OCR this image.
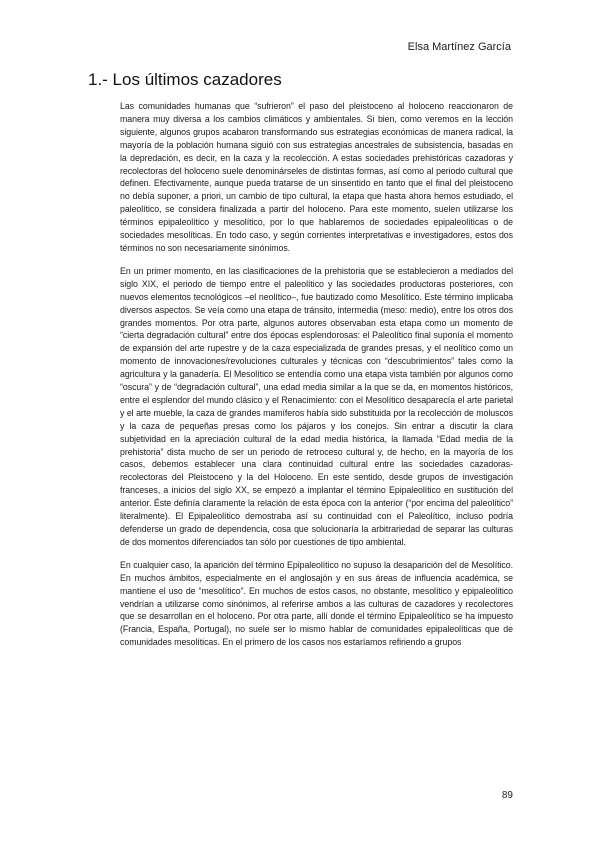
Elsa Martínez García
1.- Los últimos cazadores

Las comunidades humanas que “sufrieron” el paso del pleistoceno al holoceno reaccionaron de manera muy diversa a los cambios climáticos y ambientales. Si bien, como veremos en la lección siguiente, algunos grupos acabaron transformando sus estrategias económicas de manera radical, la mayoría de la población humana siguió con sus estrategias ancestrales de subsistencia, basadas en la depredación, es decir, en la caza y la recolección. A estas sociedades prehistóricas cazadoras y recolectoras del holoceno suele denominárseles de distintas formas, así como al periodo cultural que definen. Efectivamente, aunque pueda tratarse de un sinsentido en tanto que el final del pleistoceno no debía suponer, a priori, un cambio de tipo cultural, la etapa que hasta ahora hemos estudiado, el paleolítico, se considera finalizada a partir del holoceno. Para este momento, suelen utilizarse los términos epipaleolítico y mesolítico, por lo que hablaremos de sociedades epipaleolíticas o de sociedades mesolíticas. En todo caso, y según corrientes interpretativas e investigadores, estos dos términos no son necesariamente sinónimos.

En un primer momento, en las clasificaciones de la prehistoria que se establecieron a mediados del siglo XIX, el periodo de tiempo entre el paleolítico y las sociedades productoras posteriores, con nuevos elementos tecnológicos –el neolítico–, fue bautizado como Mesolítico. Este término implicaba diversos aspectos. Se veía como una etapa de tránsito, intermedia (meso: medio), entre los otros dos grandes momentos. Por otra parte, algunos autores observaban esta etapa como un momento de “cierta degradación cultural” entre dos épocas esplendorosas: el Paleolítico final suponía el momento de expansión del arte rupestre y de la caza especializada de grandes presas, y el neolítico como un momento de innovaciones/revoluciones culturales y técnicas con “descubrimientos” tales como la agricultura y la ganadería. El Mesolítico se entendía como una etapa vista también por algunos como “oscura” y de “degradación cultural”, una edad media similar a la que se da, en momentos históricos, entre el esplendor del mundo clásico y el Renacimiento: con el Mesolítico desaparecía el arte parietal y el arte mueble, la caza de grandes mamíferos había sido substituida por la recolección de moluscos y la caza de pequeñas presas como los pájaros y los conejos. Sin entrar a discutir la clara subjetividad en la apreciación cultural de la edad media histórica, la llamada “Edad media de la prehistoria” dista mucho de ser un periodo de retroceso cultural y, de hecho, en la mayoría de los casos, debemos establecer una clara continuidad cultural entre las sociedades cazadoras-recolectoras del Pleistoceno y la del Holoceno. En este sentido, desde grupos de investigación franceses, a inicios del siglo XX, se empezó a implantar el término Epipaleolítico en sustitución del anterior. Éste definía claramente la relación de esta época con la anterior (“por encima del paleolítico” literalmente). El Epipaleolítico demostraba así su continuidad con el Paleolítico, incluso podría defenderse un grado de dependencia, cosa que solucionaría la arbitrariedad de separar las culturas de dos momentos diferenciados tan sólo por cuestiones de tipo ambiental.

En cualquier caso, la aparición del término Epipaleolítico no supuso la desaparición del de Mesolítico. En muchos ámbitos, especialmente en el anglosajón y en sus áreas de influencia académica, se mantiene el uso de “mesolítico”. En muchos de estos casos, no obstante, mesolítico y epipaleolítico vendrían a utilizarse como sinónimos, al referirse ambos a las culturas de cazadores y recolectores que se desarrollan en el holoceno. Por otra parte, allí donde el término Epipaleolítico se ha impuesto (Francia, España, Portugal), no suele ser lo mismo hablar de comunidades epipaleolíticas que de comunidades mesolíticas. En el primero de los casos nos estaríamos refiriendo a grupos

89
